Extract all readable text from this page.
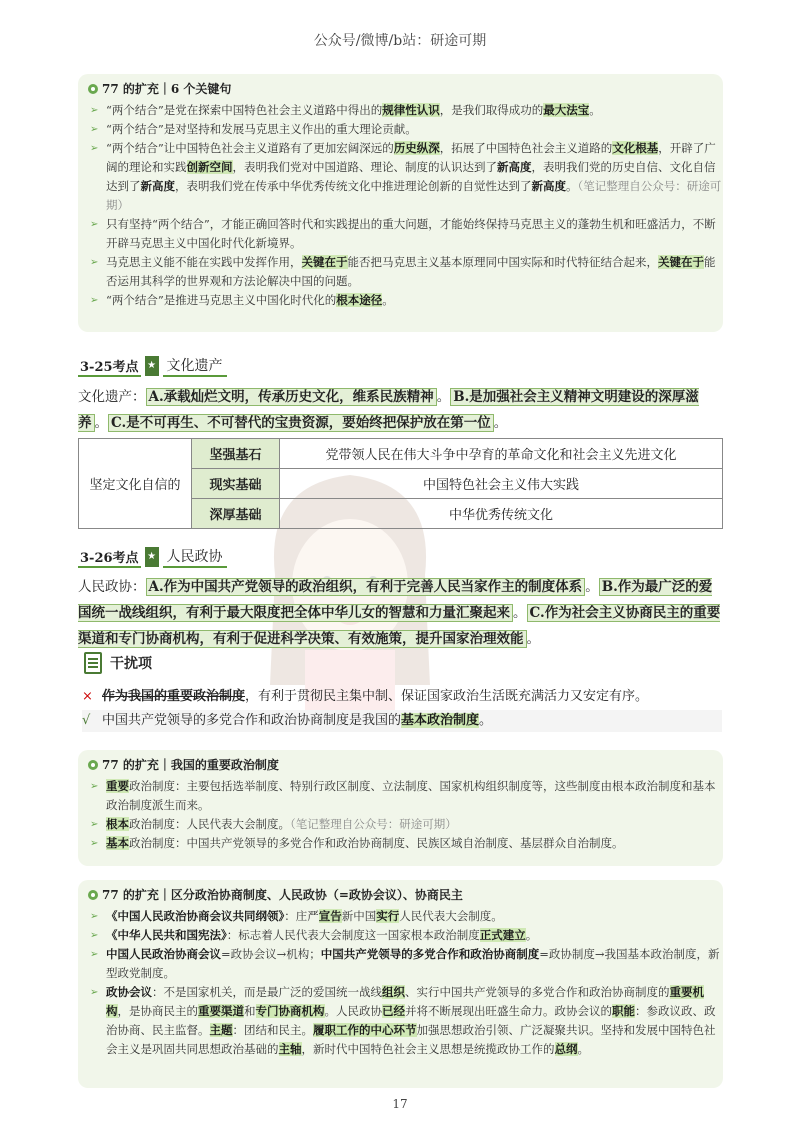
公众号/微博/b站：研途可期
77 的扩充｜6 个关键句
➢ “两个结合”是党在探索中国特色社会主义道路中得出的规律性认识，是我们取得成功的最大法宝。
➢ “两个结合”是对坚持和发展马克思主义作出的重大理论贡献。
➢ “两个结合”让中国特色社会主义道路有了更加宏阔深远的历史纵深，拓展了中国特色社会主义道路的文化根基，开辟了广阔的理论和实践创新空间，表明我们党对中国道路、理论、制度的认识达到了新高度，表明我们党的历史自信、文化自信达到了新高度，表明我们党在传承中华优秀传统文化中推进理论创新的自觉性达到了新高度。（笔记整理自公众号：研途可期）
➢ 只有坚持“两个结合”，才能正确回答时代和实践提出的重大问题，才能始终保持马克思主义的蓬勃生机和旺盛活力，不断开辟马克思主义中国化时代化新境界。
➢ 马克思主义能不能在实践中发挥作用，关键在于能否把马克思主义基本原理同中国实际和时代特征结合起来，关键在于能否运用其科学的世界观和方法论解决中国的问题。
➢ “两个结合”是推进马克思主义中国化时代化的根本途径。
3-25考点 ★ 文化遗产
文化遗产： A.承载灿烂文明，传承历史文化，维系民族精神 。 B.是加强社会主义精神文明建设的深厚滋养 。 C.是不可再生、不可替代的宝贵资源，要始终把保护放在第一位 。
坚定文化自信的	坚强基石	党带领人民在伟大斗争中孕育的革命文化和社会主义先进文化
	现实基础	中国特色社会主义伟大实践
	深厚基础	中华优秀传统文化
3-26考点 ★ 人民政协
人民政协： A.作为中国共产党领导的政治组织，有利于完善人民当家作主的制度体系 。 B.作为最广泛的爱国统一战线组织，有利于最大限度把全体中华儿女的智慧和力量汇聚起来 。 C.作为社会主义协商民主的重要渠道和专门协商机构，有利于促进科学决策、有效施策，提升国家治理效能 。
干扰项
× 作为我国的重要政治制度，有利于贯彻民主集中制、保证国家政治生活既充满活力又安定有序。
√ 中国共产党领导的多党合作和政治协商制度是我国的基本政治制度。
77 的扩充｜我国的重要政治制度
➢ 重要政治制度：主要包括选举制度、特别行政区制度、立法制度、国家机构组织制度等，这些制度由根本政治制度和基本政治制度派生而来。
➢ 根本政治制度：人民代表大会制度。（笔记整理自公众号：研途可期）
➢ 基本政治制度：中国共产党领导的多党合作和政治协商制度、民族区域自治制度、基层群众自治制度。
77 的扩充｜区分政治协商制度、人民政协（=政协会议）、协商民主
➢ 《中国人民政治协商会议共同纲领》：庄严宣告新中国实行人民代表大会制度。
➢ 《中华人民共和国宪法》：标志着人民代表大会制度这一国家根本政治制度正式建立。
➢ 中国人民政治协商会议=政协会议→机构；中国共产党领导的多党合作和政治协商制度=政协制度→我国基本政治制度，新型政党制度。
➢ 政协会议：不是国家机关，而是最广泛的爱国统一战线组织、实行中国共产党领导的多党合作和政治协商制度的重要机构，是协商民主的重要渠道和专门协商机构。人民政协已经并将不断展现出旺盛生命力。政协会议的职能：参政议政、政治协商、民主监督。主题：团结和民主。履职工作的中心环节加强思想政治引领、广泛凝聚共识。坚持和发展中国特色社会主义是巩固共同思想政治基础的主轴，新时代中国特色社会主义思想是统揽政协工作的总纲。
17
